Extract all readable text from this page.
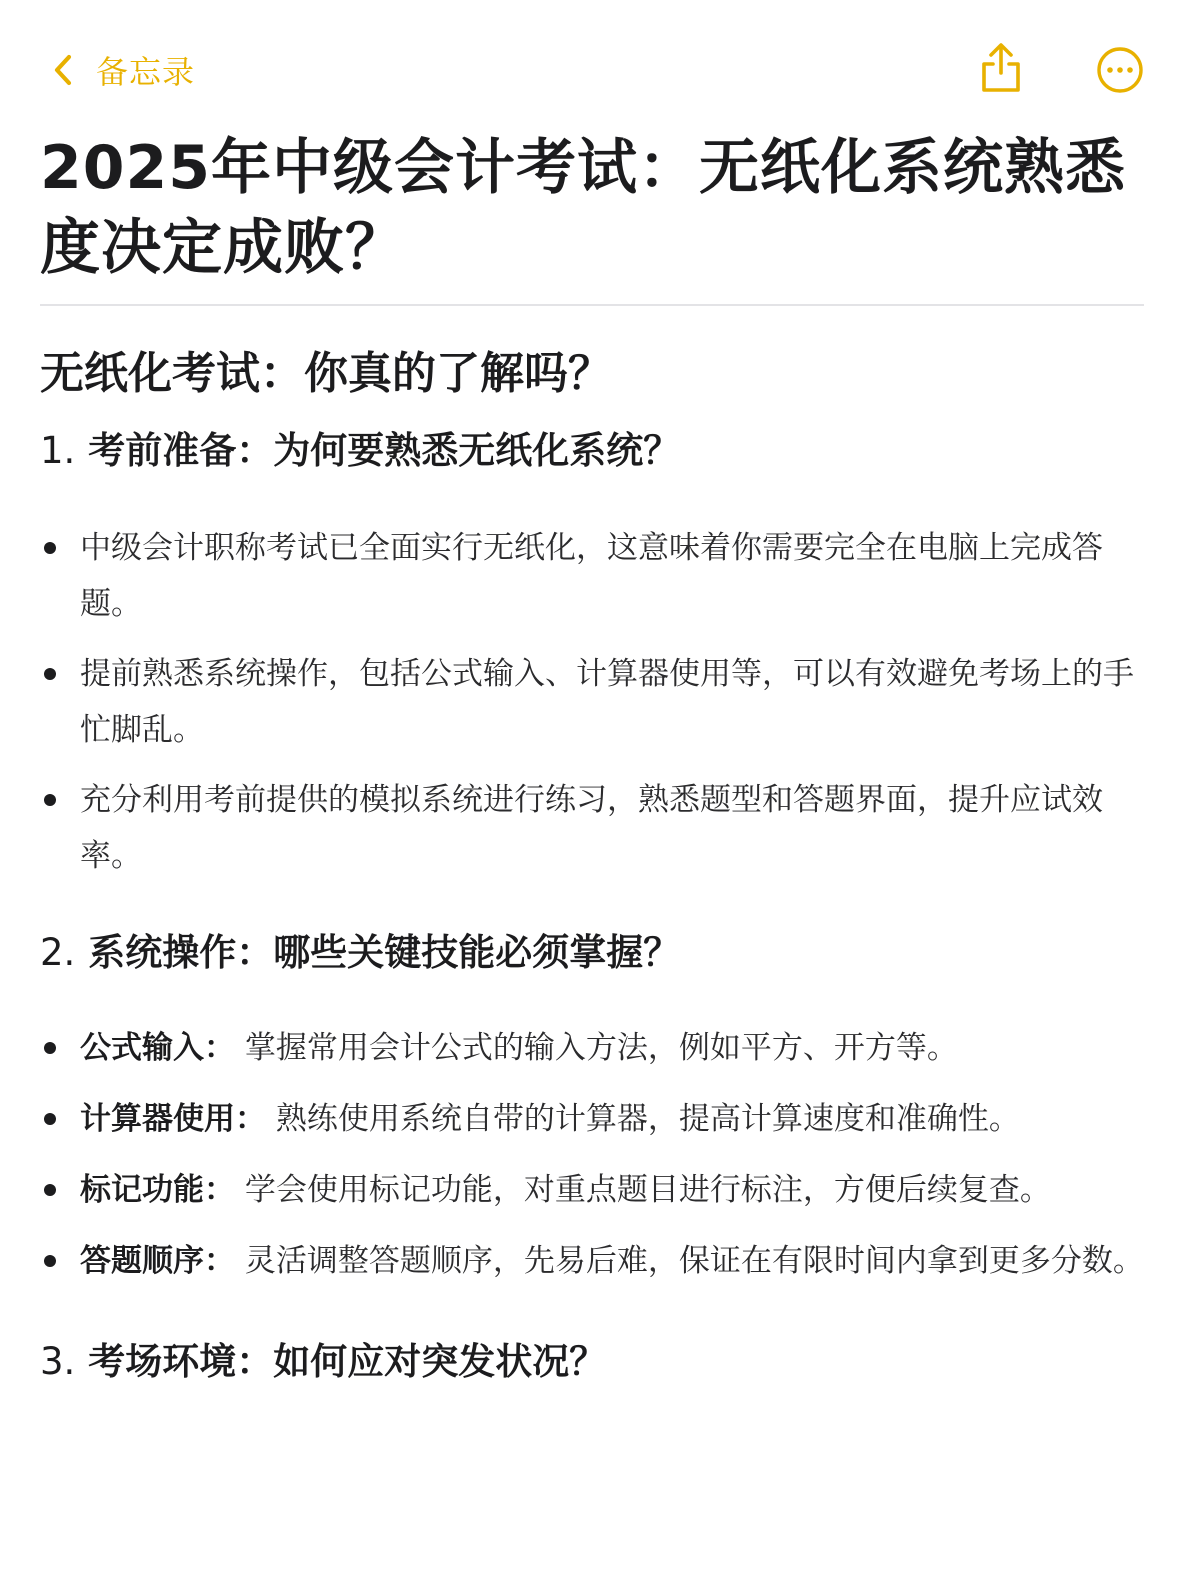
备忘录
2025年中级会计考试：无纸化系统熟悉度决定成败？
无纸化考试：你真的了解吗？
1. 考前准备：为何要熟悉无纸化系统？
中级会计职称考试已全面实行无纸化，这意味着你需要完全在电脑上完成答题。
提前熟悉系统操作，包括公式输入、计算器使用等，可以有效避免考场上的手忙脚乱。
充分利用考前提供的模拟系统进行练习，熟悉题型和答题界面，提升应试效率。
2. 系统操作：哪些关键技能必须掌握？
公式输入： 掌握常用会计公式的输入方法，例如平方、开方等。
计算器使用： 熟练使用系统自带的计算器，提高计算速度和准确性。
标记功能： 学会使用标记功能，对重点题目进行标注，方便后续复查。
答题顺序： 灵活调整答题顺序，先易后难，保证在有限时间内拿到更多分数。
3. 考场环境：如何应对突发状况？
